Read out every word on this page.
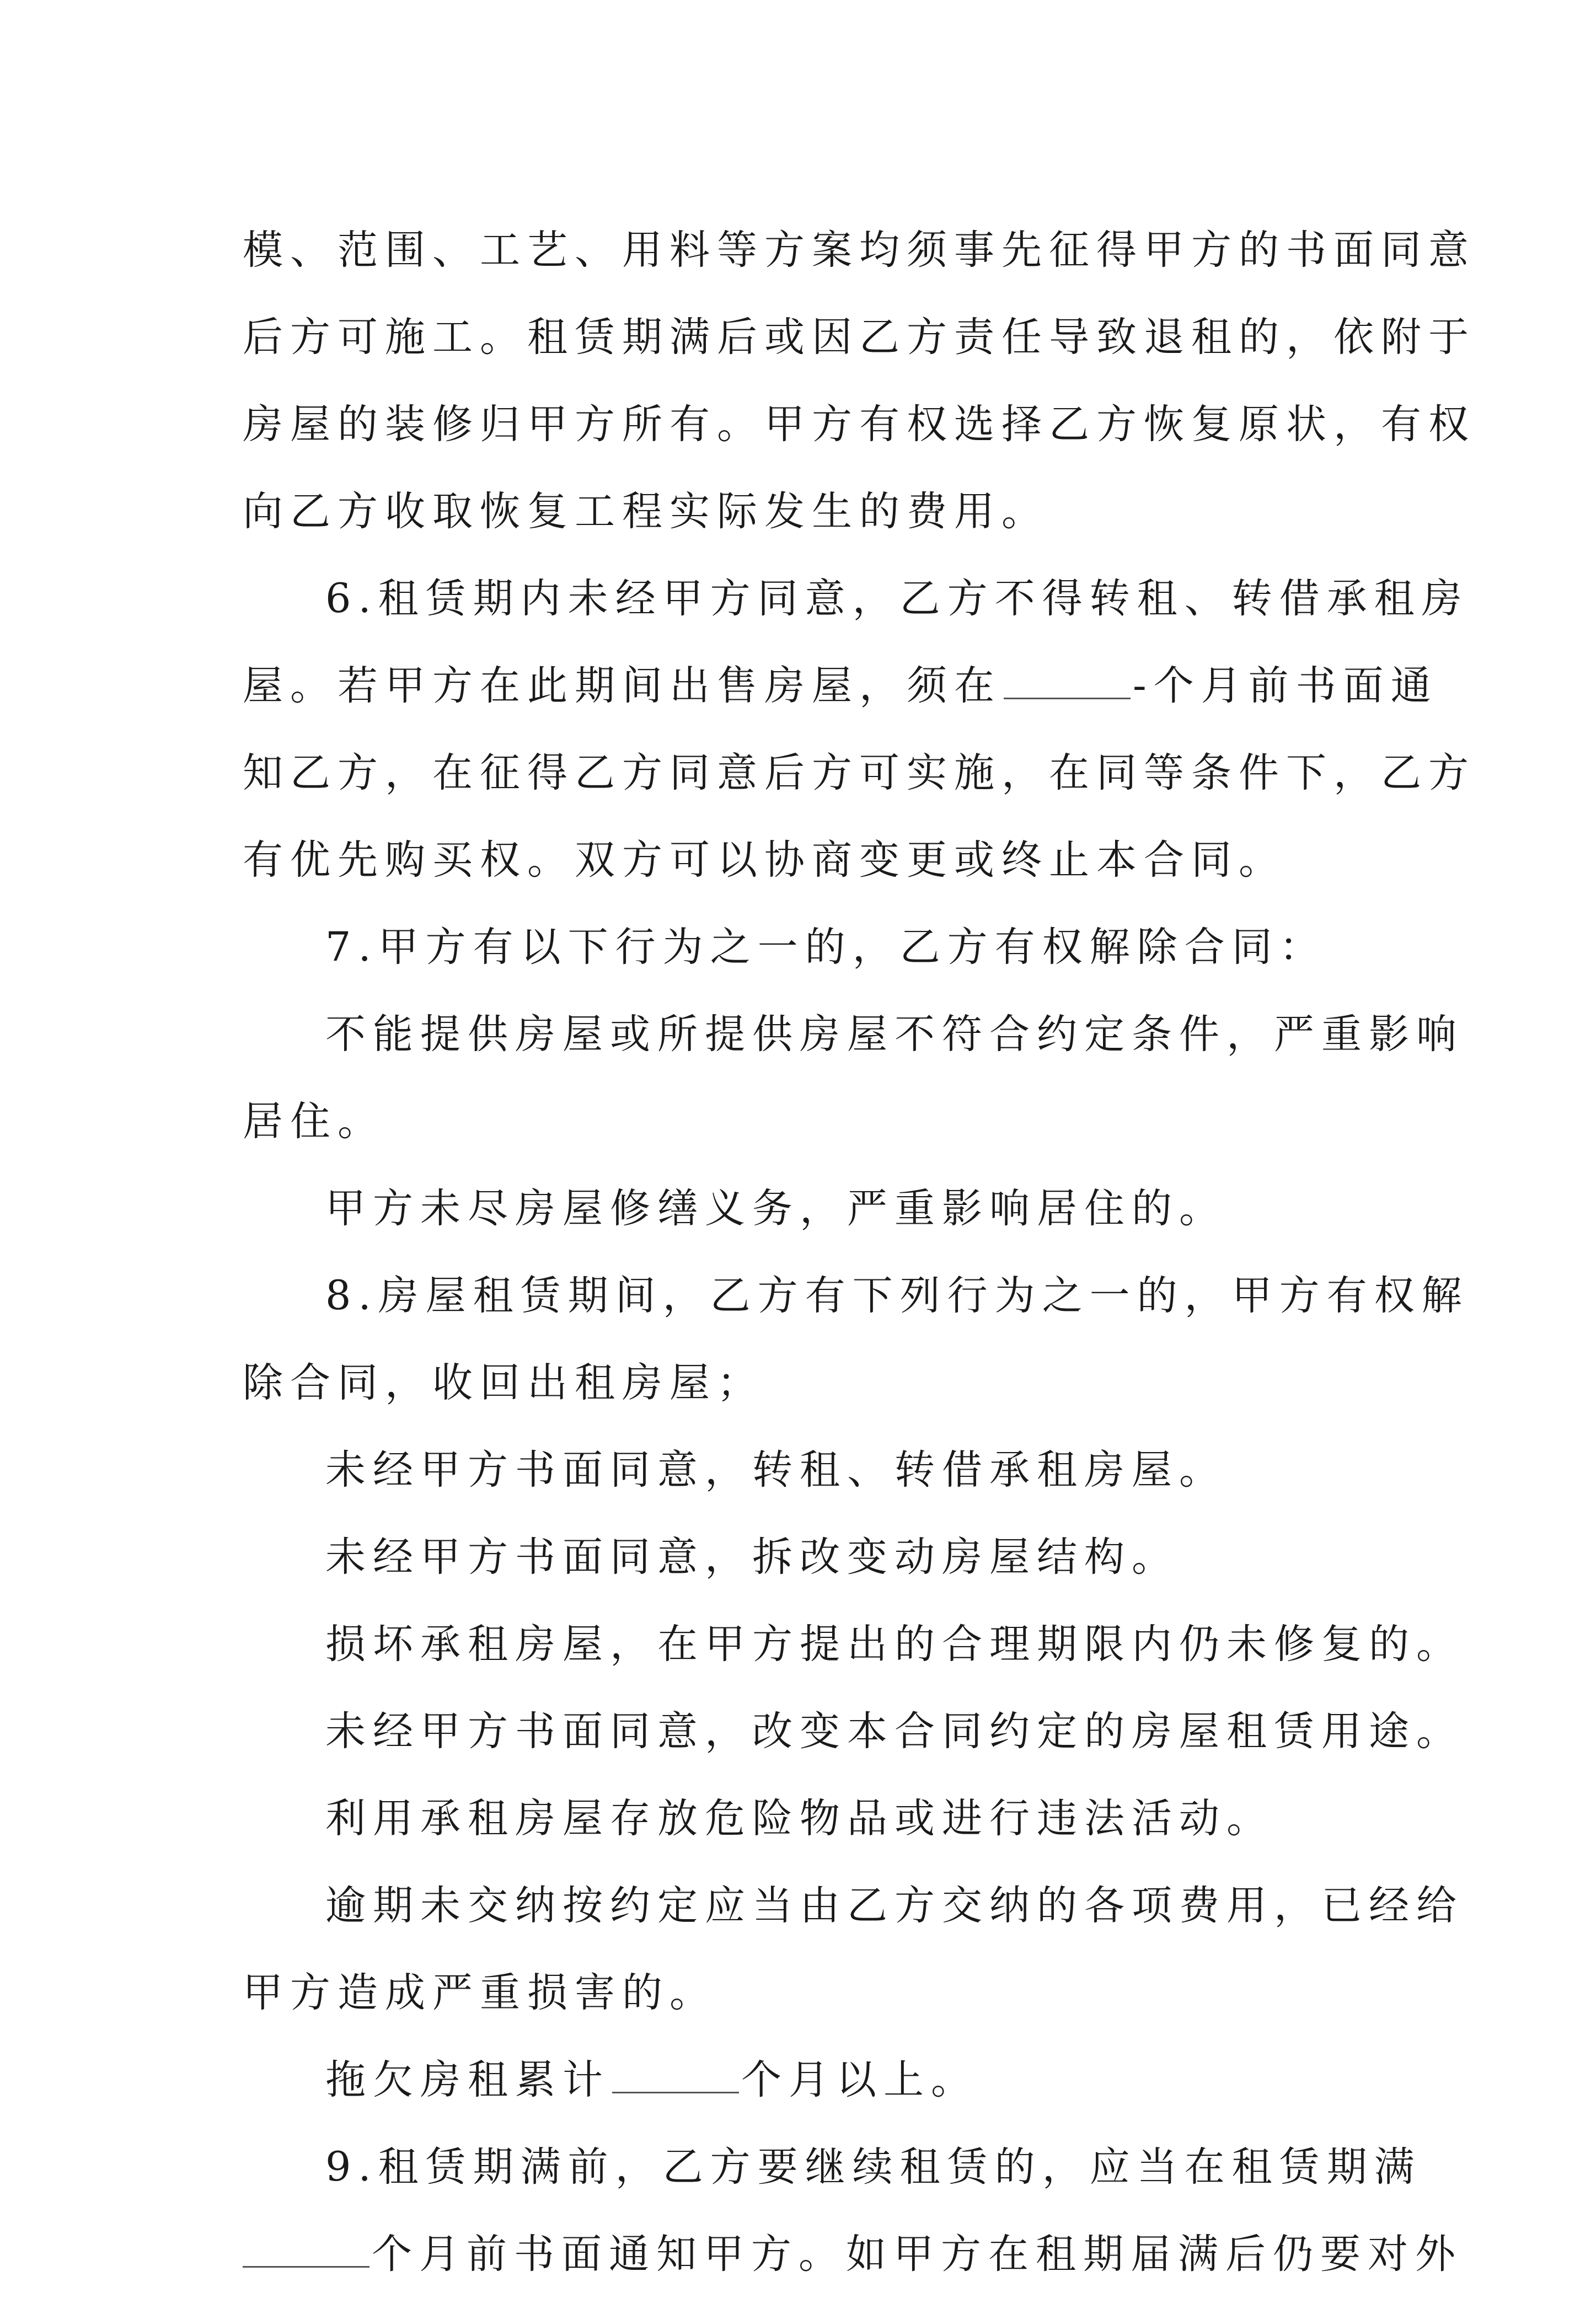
模、范围、工艺、用料等方案均须事先征得甲方的书面同意
后方可施工。租赁期满后或因乙方责任导致退租的，依附于
房屋的装修归甲方所有。甲方有权选择乙方恢复原状，有权
向乙方收取恢复工程实际发生的费用。
6.租赁期内未经甲方同意，乙方不得转租、转借承租房
屋。若甲方在此期间出售房屋，须在	-个月前书面通
知乙方，在征得乙方同意后方可实施，在同等条件下，乙方
有优先购买权。双方可以协商变更或终止本合同。
7.甲方有以下行为之一的，乙方有权解除合同：
不能提供房屋或所提供房屋不符合约定条件，严重影响
居住。
甲方未尽房屋修缮义务，严重影响居住的。
8.房屋租赁期间，乙方有下列行为之一的，甲方有权解
除合同，收回出租房屋；
未经甲方书面同意，转租、转借承租房屋。
未经甲方书面同意，拆改变动房屋结构。
损坏承租房屋，在甲方提出的合理期限内仍未修复的。
未经甲方书面同意，改变本合同约定的房屋租赁用途。
利用承租房屋存放危险物品或进行违法活动。
逾期未交纳按约定应当由乙方交纳的各项费用，已经给
甲方造成严重损害的。
拖欠房租累计	个月以上。
9.租赁期满前，乙方要继续租赁的，应当在租赁期满
个月前书面通知甲方。如甲方在租期届满后仍要对外
